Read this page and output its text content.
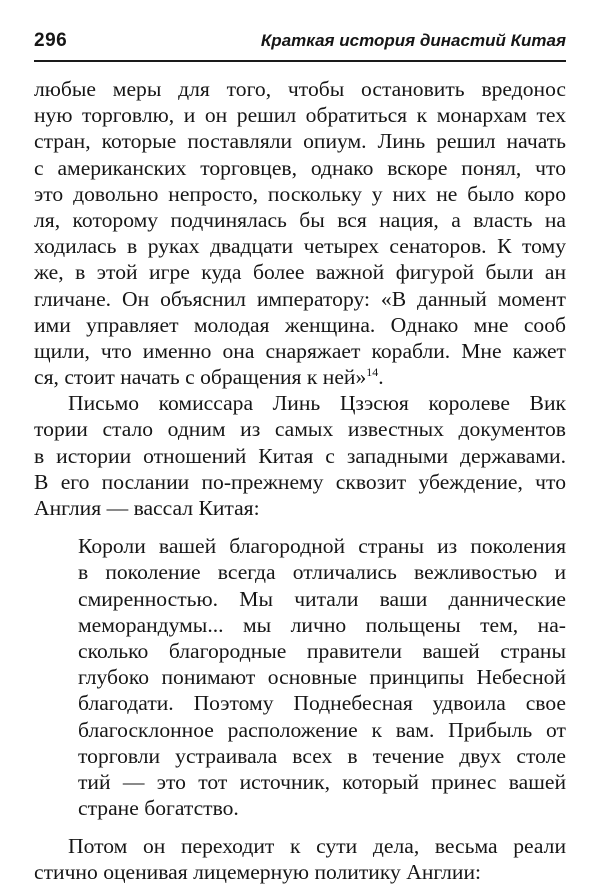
296	Краткая история династий Китая
любые меры для того, чтобы остановить вредонос
ную торговлю, и он решил обратиться к монархам тех
стран, которые поставляли опиум. Линь решил начать
с американских торговцев, однако вскоре понял, что
это довольно непросто, поскольку у них не было коро
ля, которому подчинялась бы вся нация, а власть на
ходилась в руках двадцати четырех сенаторов. К тому
же, в этой игре куда более важной фигурой были ан
гличане. Он объяснил императору: «В данный момент
ими управляет молодая женщина. Однако мне сооб
щили, что именно она снаряжает корабли. Мне кажет
ся, стоит начать с обращения к ней»$^{14}$.
Письмо комиссара Линь Цзэсюя королеве Вик
тории стало одним из самых известных документов
в истории отношений Китая с западными державами.
В его послании по-прежнему сквозит убеждение, что
Англия — вассал Китая:
Короли вашей благородной страны из поколения
в поколение всегда отличались вежливостью и
смиренностью. Мы читали ваши даннические
меморандумы... мы лично польщены тем, на-
сколько благородные правители вашей страны
глубоко понимают основные принципы Небесной
благодати. Поэтому Поднебесная удвоила свое
благосклонное расположение к вам. Прибыль от
торговли устраивала всех в течение двух столе
тий — это тот источник, который принес вашей
стране богатство.
Потом он переходит к сути дела, весьма реали
стично оценивая лицемерную политику Англии:
